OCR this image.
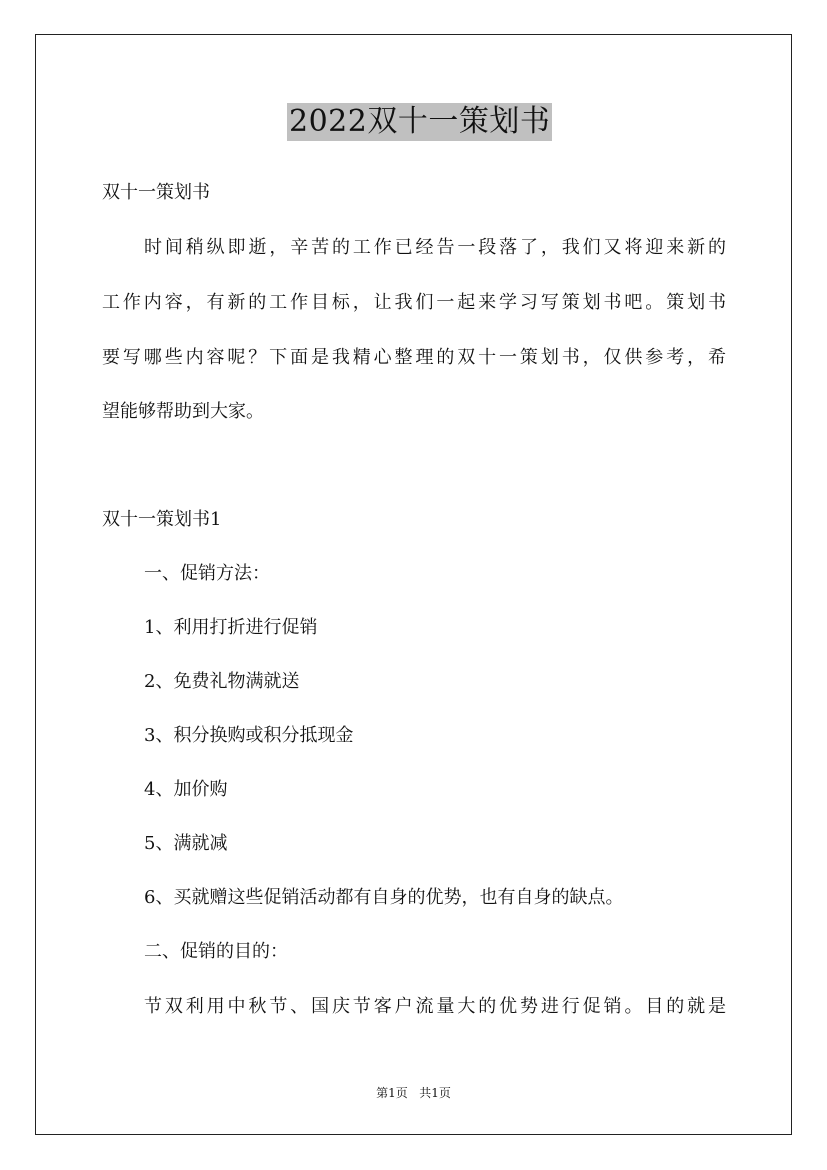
2022双十一策划书

双十一策划书

时间稍纵即逝，辛苦的工作已经告一段落了，我们又将迎来新的

工作内容，有新的工作目标，让我们一起来学习写策划书吧。策划书

要写哪些内容呢？下面是我精心整理的双十一策划书，仅供参考，希

望能够帮助到大家。

双十一策划书1

一、促销方法：

1、利用打折进行促销

2、免费礼物满就送

3、积分换购或积分抵现金

4、加价购

5、满就减

6、买就赠这些促销活动都有自身的优势，也有自身的缺点。

二、促销的目的：

节双利用中秋节、国庆节客户流量大的优势进行促销。目的就是

第1页 共1页
